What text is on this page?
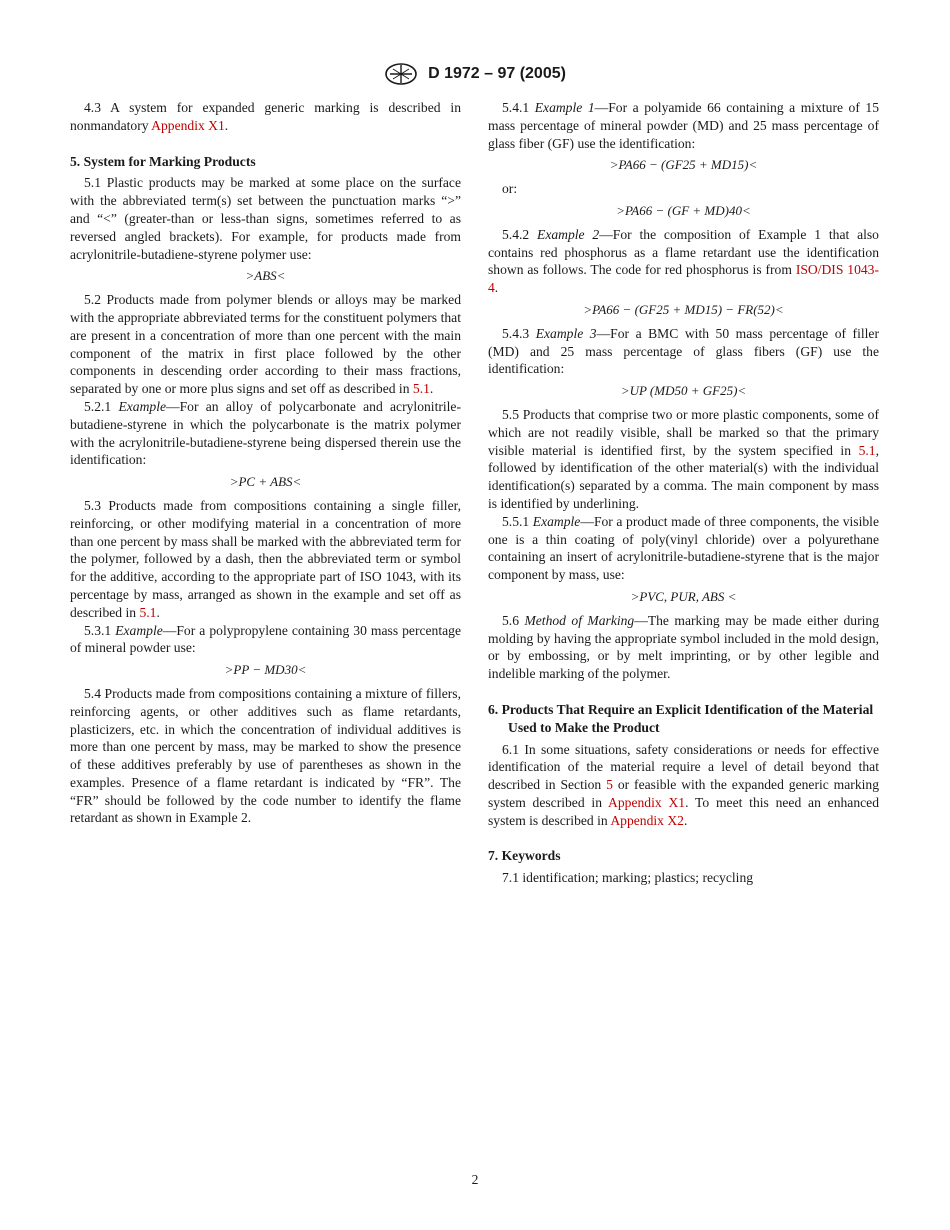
D 1972 – 97 (2005)

4.3 A system for expanded generic marking is described in nonmandatory Appendix X1.

5. System for Marking Products

5.1 Plastic products may be marked at some place on the surface with the abbreviated term(s) set between the punctuation marks “>” and “<” (greater-than or less-than signs, sometimes referred to as reversed angled brackets). For example, for products made from acrylonitrile-butadiene-styrene polymer use:

>ABS<

5.2 Products made from polymer blends or alloys may be marked with the appropriate abbreviated terms for the constituent polymers that are present in a concentration of more than one percent with the main component of the matrix in first place followed by the other components in descending order according to their mass fractions, separated by one or more plus signs and set off as described in 5.1.

5.2.1 Example—For an alloy of polycarbonate and acrylonitrile-butadiene-styrene in which the polycarbonate is the matrix polymer with the acrylonitrile-butadiene-styrene being dispersed therein use the identification:

>PC + ABS<

5.3 Products made from compositions containing a single filler, reinforcing, or other modifying material in a concentration of more than one percent by mass shall be marked with the abbreviated term for the polymer, followed by a dash, then the abbreviated term or symbol for the additive, according to the appropriate part of ISO 1043, with its percentage by mass, arranged as shown in the example and set off as described in 5.1.

5.3.1 Example—For a polypropylene containing 30 mass percentage of mineral powder use:

>PP − MD30<

5.4 Products made from compositions containing a mixture of fillers, reinforcing agents, or other additives such as flame retardants, plasticizers, etc. in which the concentration of individual additives is more than one percent by mass, may be marked to show the presence of these additives preferably by use of parentheses as shown in the examples. Presence of a flame retardant is indicated by “FR”. The “FR” should be followed by the code number to identify the flame retardant as shown in Example 2.

5.4.1 Example 1—For a polyamide 66 containing a mixture of 15 mass percentage of mineral powder (MD) and 25 mass percentage of glass fiber (GF) use the identification:

>PA66 − (GF25 + MD15)<

or:

>PA66 − (GF + MD)40<

5.4.2 Example 2—For the composition of Example 1 that also contains red phosphorus as a flame retardant use the identification shown as follows. The code for red phosphorus is from ISO/DIS 1043-4.

>PA66 − (GF25 + MD15) − FR(52)<

5.4.3 Example 3—For a BMC with 50 mass percentage of filler (MD) and 25 mass percentage of glass fibers (GF) use the identification:

>UP (MD50 + GF25)<

5.5 Products that comprise two or more plastic components, some of which are not readily visible, shall be marked so that the primary visible material is identified first, by the system specified in 5.1, followed by identification of the other material(s) with the individual identification(s) separated by a comma. The main component by mass is identified by underlining.

5.5.1 Example—For a product made of three components, the visible one is a thin coating of poly(vinyl chloride) over a polyurethane containing an insert of acrylonitrile-butadiene-styrene that is the major component by mass, use:

>PVC, PUR, ABS <

5.6 Method of Marking—The marking may be made either during molding by having the appropriate symbol included in the mold design, or by embossing, or by melt imprinting, or by other legible and indelible marking of the polymer.

6. Products That Require an Explicit Identification of the Material Used to Make the Product

6.1 In some situations, safety considerations or needs for effective identification of the material require a level of detail beyond that described in Section 5 or feasible with the expanded generic marking system described in Appendix X1. To meet this need an enhanced system is described in Appendix X2.

7. Keywords

7.1 identification; marking; plastics; recycling

2
